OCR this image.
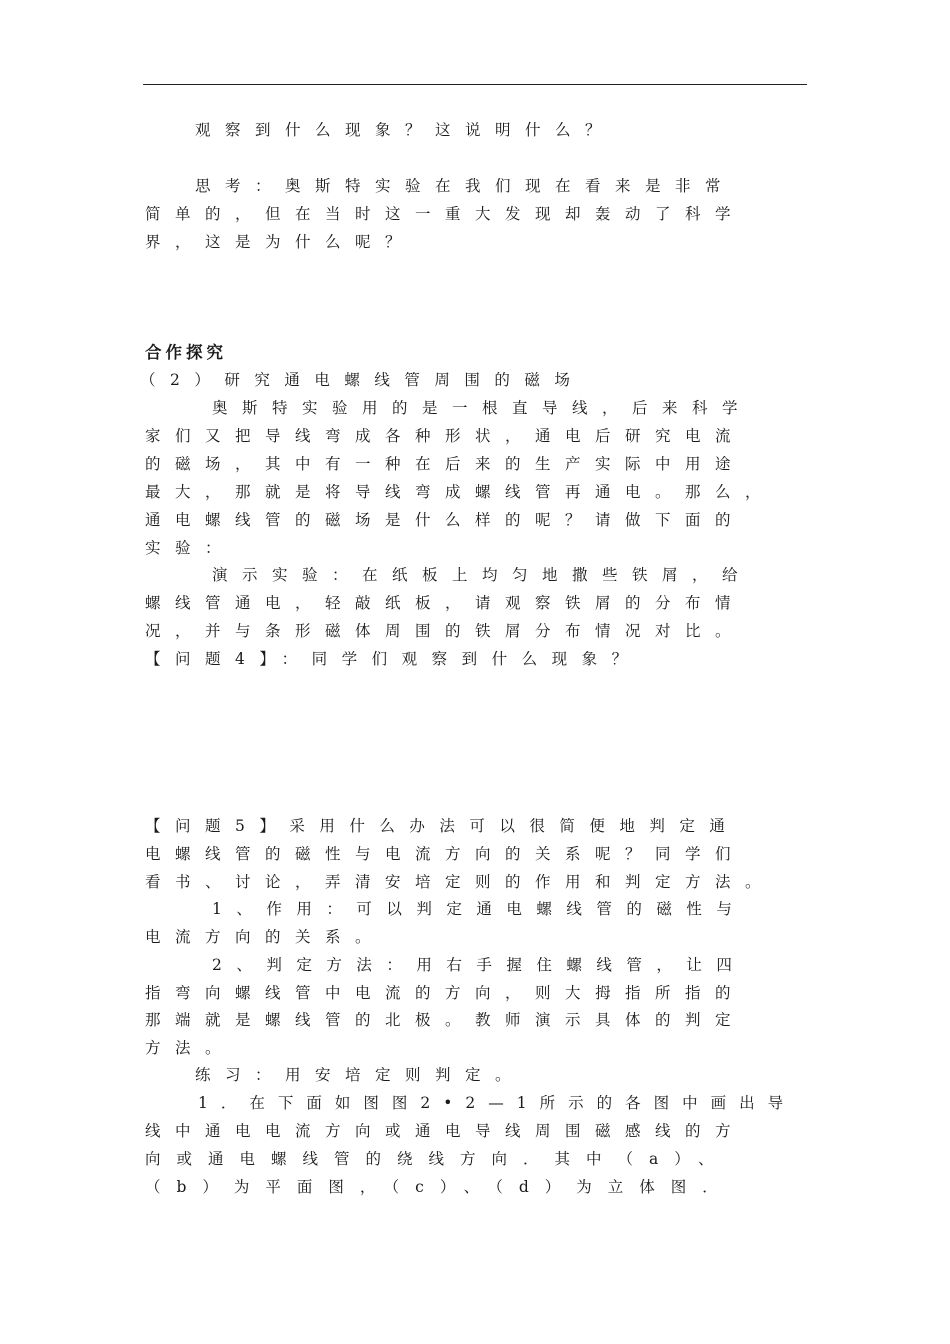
观察到什么现象？这说明什么？
思考：奥斯特实验在我们现在看来是非常
简单的，但在当时这一重大发现却轰动了科学
界，这是为什么呢？
合作探究
（2）研究通电螺线管周围的磁场
奥斯特实验用的是一根直导线，后来科学
家们又把导线弯成各种形状，通电后研究电流
的磁场，其中有一种在后来的生产实际中用途
最大，那就是将导线弯成螺线管再通电。那么，
通电螺线管的磁场是什么样的呢？请做下面的
实验：
演示实验：在纸板上均匀地撒些铁屑，给
螺线管通电，轻敲纸板，请观察铁屑的分布情
况，并与条形磁体周围的铁屑分布情况对比。
【问题4】：同学们观察到什么现象？
【问题5】采用什么办法可以很简便地判定通
电螺线管的磁性与电流方向的关系呢？同学们
看书、讨论，弄清安培定则的作用和判定方法。
1、作用：可以判定通电螺线管的磁性与
电流方向的关系。
2、判定方法：用右手握住螺线管，让四
指弯向螺线管中电流的方向，则大拇指所指的
那端就是螺线管的北极。教师演示具体的判定
方法。
练习：用安培定则判定。
1．在下面如图图2•2—1所示的各图中画出导
线中通电电流方向或通电导线周围磁感线的方
向或通电螺线管的绕线方向．其中（a）、
（b）为平面图，（c）、（d）为立体图．
